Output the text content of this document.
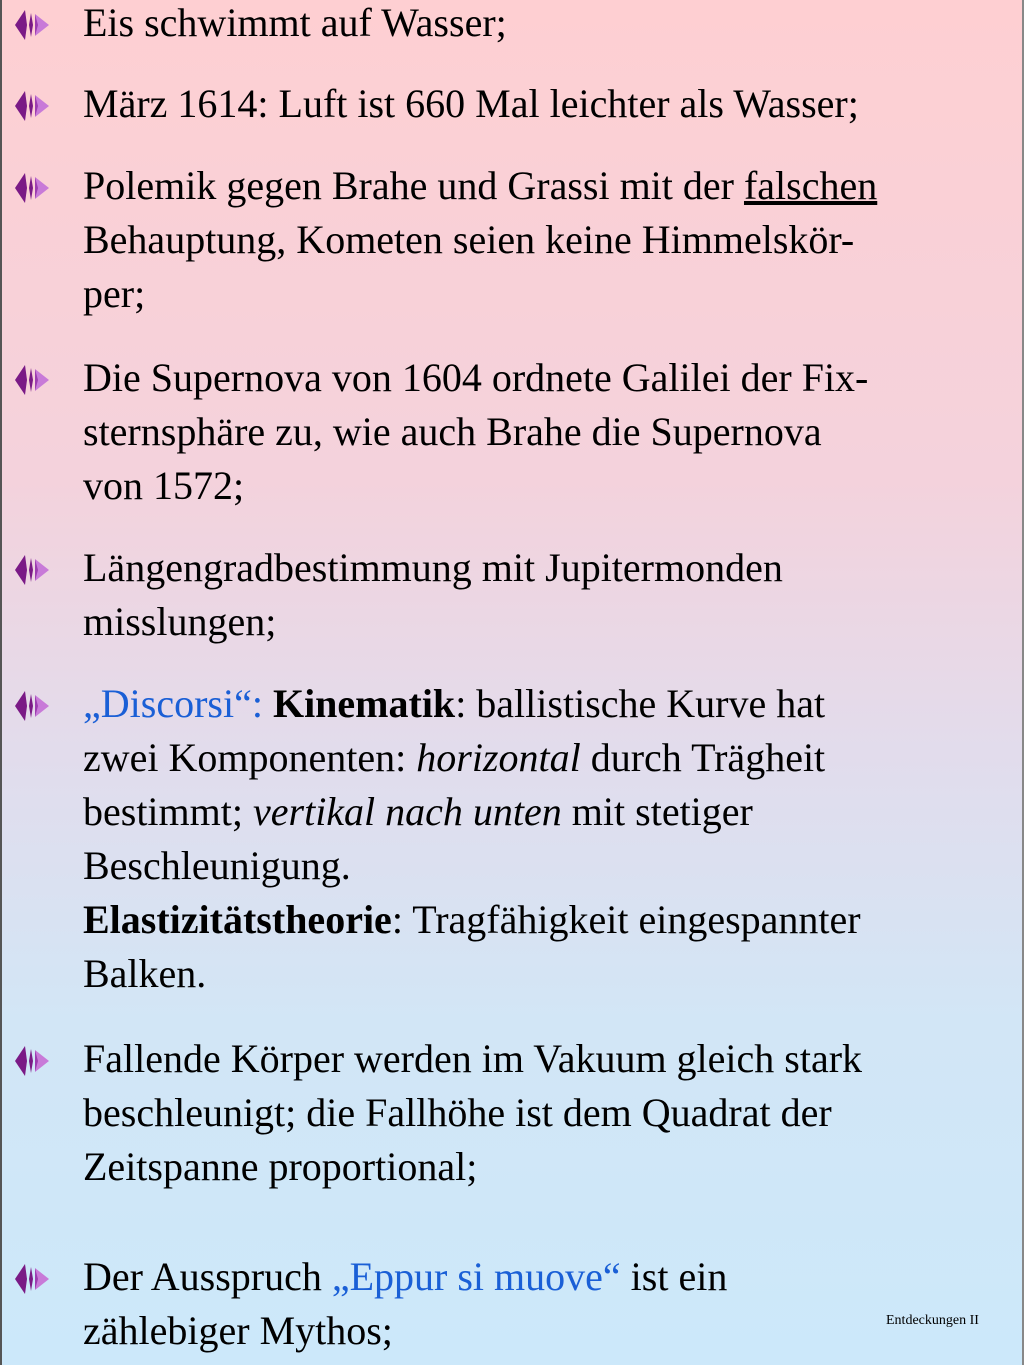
Eis schwimmt auf Wasser;
März 1614: Luft ist 660 Mal leichter als Wasser;
Polemik gegen Brahe und Grassi mit der falschen
Behauptung, Kometen seien keine Himmelskör-
per;
Die Supernova von 1604 ordnete Galilei der Fix-
sternsphäre zu, wie auch Brahe die Supernova
von 1572;
Längengradbestimmung mit Jupitermonden
misslungen;
„Discorsi“: Kinematik: ballistische Kurve hat
zwei Komponenten: horizontal durch Trägheit
bestimmt; vertikal nach unten mit stetiger
Beschleunigung.
Elastizitätstheorie: Tragfähigkeit eingespannter
Balken.
Fallende Körper werden im Vakuum gleich stark
beschleunigt; die Fallhöhe ist dem Quadrat der
Zeitspanne proportional;
Der Ausspruch „Eppur si muove“ ist ein
zählebiger Mythos;	Entdeckungen II
